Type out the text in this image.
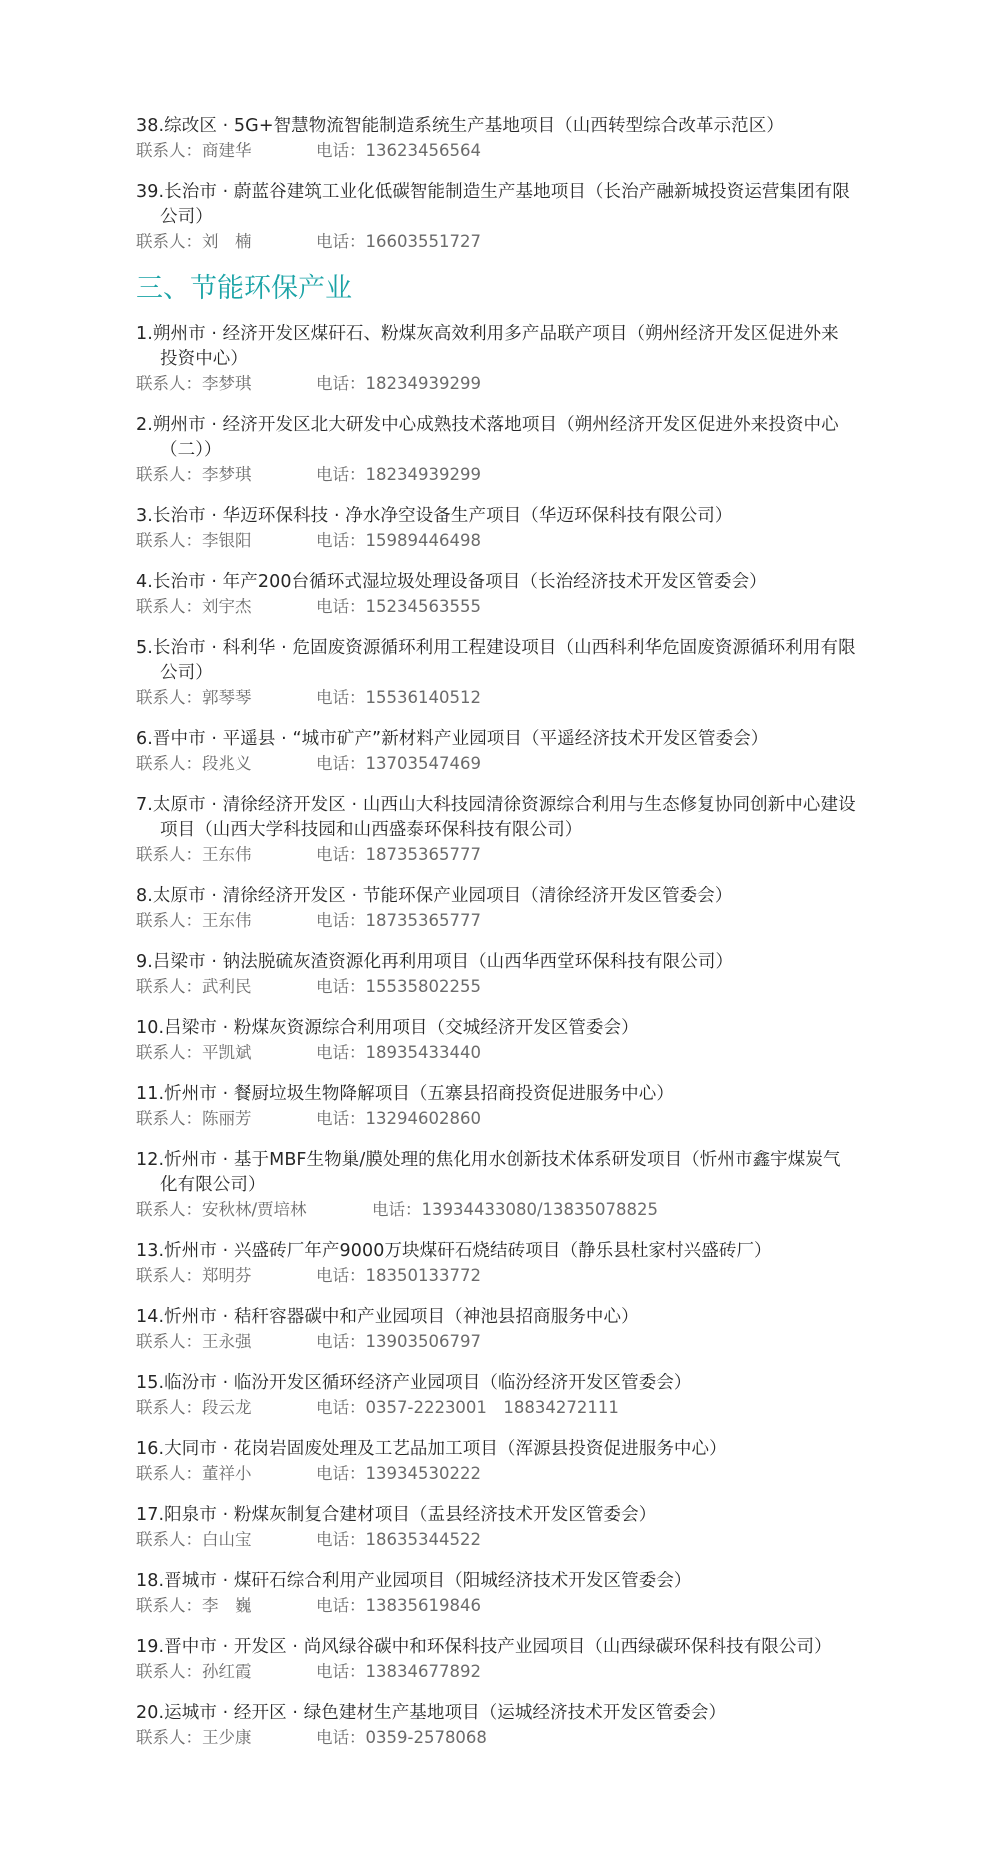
38.综改区 · 5G+智慧物流智能制造系统生产基地项目（山西转型综合改革示范区）
联系人：商建华	电话：13623456564
39.长治市 · 蔚蓝谷建筑工业化低碳智能制造生产基地项目（长治产融新城投资运营集团有限公司）
联系人：刘　楠	电话：16603551727
三、节能环保产业
1.朔州市 · 经济开发区煤矸石、粉煤灰高效利用多产品联产项目（朔州经济开发区促进外来投资中心）
联系人：李梦琪	电话：18234939299
2.朔州市 · 经济开发区北大研发中心成熟技术落地项目（朔州经济开发区促进外来投资中心（二））
联系人：李梦琪	电话：18234939299
3.长治市 · 华迈环保科技 · 净水净空设备生产项目（华迈环保科技有限公司）
联系人：李银阳	电话：15989446498
4.长治市 · 年产200台循环式湿垃圾处理设备项目（长治经济技术开发区管委会）
联系人：刘宇杰	电话：15234563555
5.长治市 · 科利华 · 危固废资源循环利用工程建设项目（山西科利华危固废资源循环利用有限公司）
联系人：郭琴琴	电话：15536140512
6.晋中市 · 平遥县 · “城市矿产”新材料产业园项目（平遥经济技术开发区管委会）
联系人：段兆义	电话：13703547469
7.太原市 · 清徐经济开发区 · 山西山大科技园清徐资源综合利用与生态修复协同创新中心建设项目（山西大学科技园和山西盛泰环保科技有限公司）
联系人：王东伟	电话：18735365777
8.太原市 · 清徐经济开发区 · 节能环保产业园项目（清徐经济开发区管委会）
联系人：王东伟	电话：18735365777
9.吕梁市 · 钠法脱硫灰渣资源化再利用项目（山西华西堂环保科技有限公司）
联系人：武利民	电话：15535802255
10.吕梁市 · 粉煤灰资源综合利用项目（交城经济开发区管委会）
联系人：平凯斌	电话：18935433440
11.忻州市 · 餐厨垃圾生物降解项目（五寨县招商投资促进服务中心）
联系人：陈丽芳	电话：13294602860
12.忻州市 · 基于MBF生物巢/膜处理的焦化用水创新技术体系研发项目（忻州市鑫宇煤炭气化有限公司）
联系人：安秋林/贾培林	电话：13934433080/13835078825
13.忻州市 · 兴盛砖厂年产9000万块煤矸石烧结砖项目（静乐县杜家村兴盛砖厂）
联系人：郑明芬	电话：18350133772
14.忻州市 · 秸秆容器碳中和产业园项目（神池县招商服务中心）
联系人：王永强	电话：13903506797
15.临汾市 · 临汾开发区循环经济产业园项目（临汾经济开发区管委会）
联系人：段云龙	电话：0357-2223001　18834272111
16.大同市 · 花岗岩固废处理及工艺品加工项目（浑源县投资促进服务中心）
联系人：董祥小	电话：13934530222
17.阳泉市 · 粉煤灰制复合建材项目（盂县经济技术开发区管委会）
联系人：白山宝	电话：18635344522
18.晋城市 · 煤矸石综合利用产业园项目（阳城经济技术开发区管委会）
联系人：李　巍	电话：13835619846
19.晋中市 · 开发区 · 尚风绿谷碳中和环保科技产业园项目（山西绿碳环保科技有限公司）
联系人：孙红霞	电话：13834677892
20.运城市 · 经开区 · 绿色建材生产基地项目（运城经济技术开发区管委会）
联系人：王少康	电话：0359-2578068
